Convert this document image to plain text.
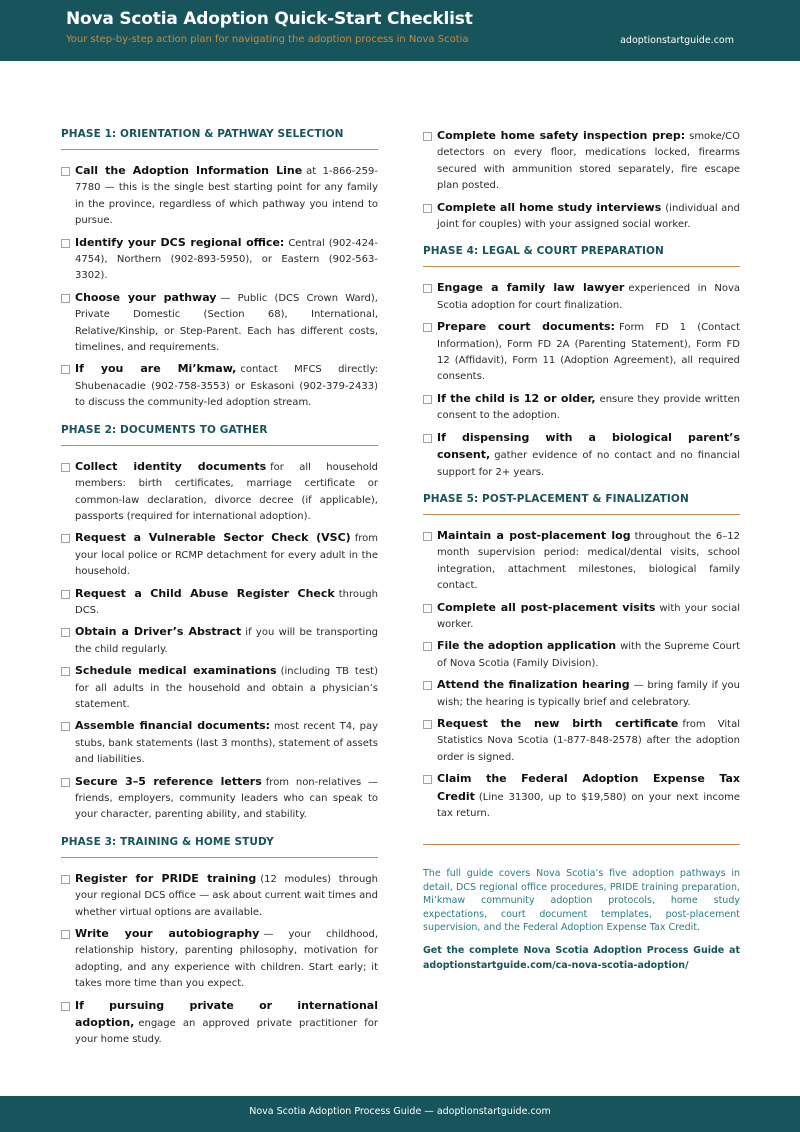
Nova Scotia Adoption Quick-Start Checklist
Your step-by-step action plan for navigating the adoption process in Nova Scotia	adoptionstartguide.com
PHASE 1: ORIENTATION & PATHWAY SELECTION
Call the Adoption Information Line at 1-866-259-7780 — this is the single best starting point for any family in the province, regardless of which pathway you intend to pursue.
Identify your DCS regional office: Central (902-424-4754), Northern (902-893-5950), or Eastern (902-563-3302).
Choose your pathway — Public (DCS Crown Ward), Private Domestic (Section 68), International, Relative/Kinship, or Step-Parent. Each has different costs, timelines, and requirements.
If you are Mi’kmaw, contact MFCS directly: Shubenacadie (902-758-3553) or Eskasoni (902-379-2433) to discuss the community-led adoption stream.
PHASE 2: DOCUMENTS TO GATHER
Collect identity documents for all household members: birth certificates, marriage certificate or common-law declaration, divorce decree (if applicable), passports (required for international adoption).
Request a Vulnerable Sector Check (VSC) from your local police or RCMP detachment for every adult in the household.
Request a Child Abuse Register Check through DCS.
Obtain a Driver’s Abstract if you will be transporting the child regularly.
Schedule medical examinations (including TB test) for all adults in the household and obtain a physician’s statement.
Assemble financial documents: most recent T4, pay stubs, bank statements (last 3 months), statement of assets and liabilities.
Secure 3–5 reference letters from non-relatives — friends, employers, community leaders who can speak to your character, parenting ability, and stability.
PHASE 3: TRAINING & HOME STUDY
Register for PRIDE training (12 modules) through your regional DCS office — ask about current wait times and whether virtual options are available.
Write your autobiography — your childhood, relationship history, parenting philosophy, motivation for adopting, and any experience with children. Start early; it takes more time than you expect.
If pursuing private or international adoption, engage an approved private practitioner for your home study.
Complete home safety inspection prep: smoke/CO detectors on every floor, medications locked, firearms secured with ammunition stored separately, fire escape plan posted.
Complete all home study interviews (individual and joint for couples) with your assigned social worker.
PHASE 4: LEGAL & COURT PREPARATION
Engage a family law lawyer experienced in Nova Scotia adoption for court finalization.
Prepare court documents: Form FD 1 (Contact Information), Form FD 2A (Parenting Statement), Form FD 12 (Affidavit), Form 11 (Adoption Agreement), all required consents.
If the child is 12 or older, ensure they provide written consent to the adoption.
If dispensing with a biological parent’s consent, gather evidence of no contact and no financial support for 2+ years.
PHASE 5: POST-PLACEMENT & FINALIZATION
Maintain a post-placement log throughout the 6–12 month supervision period: medical/dental visits, school integration, attachment milestones, biological family contact.
Complete all post-placement visits with your social worker.
File the adoption application with the Supreme Court of Nova Scotia (Family Division).
Attend the finalization hearing — bring family if you wish; the hearing is typically brief and celebratory.
Request the new birth certificate from Vital Statistics Nova Scotia (1-877-848-2578) after the adoption order is signed.
Claim the Federal Adoption Expense Tax Credit (Line 31300, up to $19,580) on your next income tax return.
The full guide covers Nova Scotia’s five adoption pathways in detail, DCS regional office procedures, PRIDE training preparation, Mi’kmaw community adoption protocols, home study expectations, court document templates, post-placement supervision, and the Federal Adoption Expense Tax Credit.
Get the complete Nova Scotia Adoption Process Guide at adoptionstartguide.com/ca-nova-scotia-adoption/
Nova Scotia Adoption Process Guide — adoptionstartguide.com
